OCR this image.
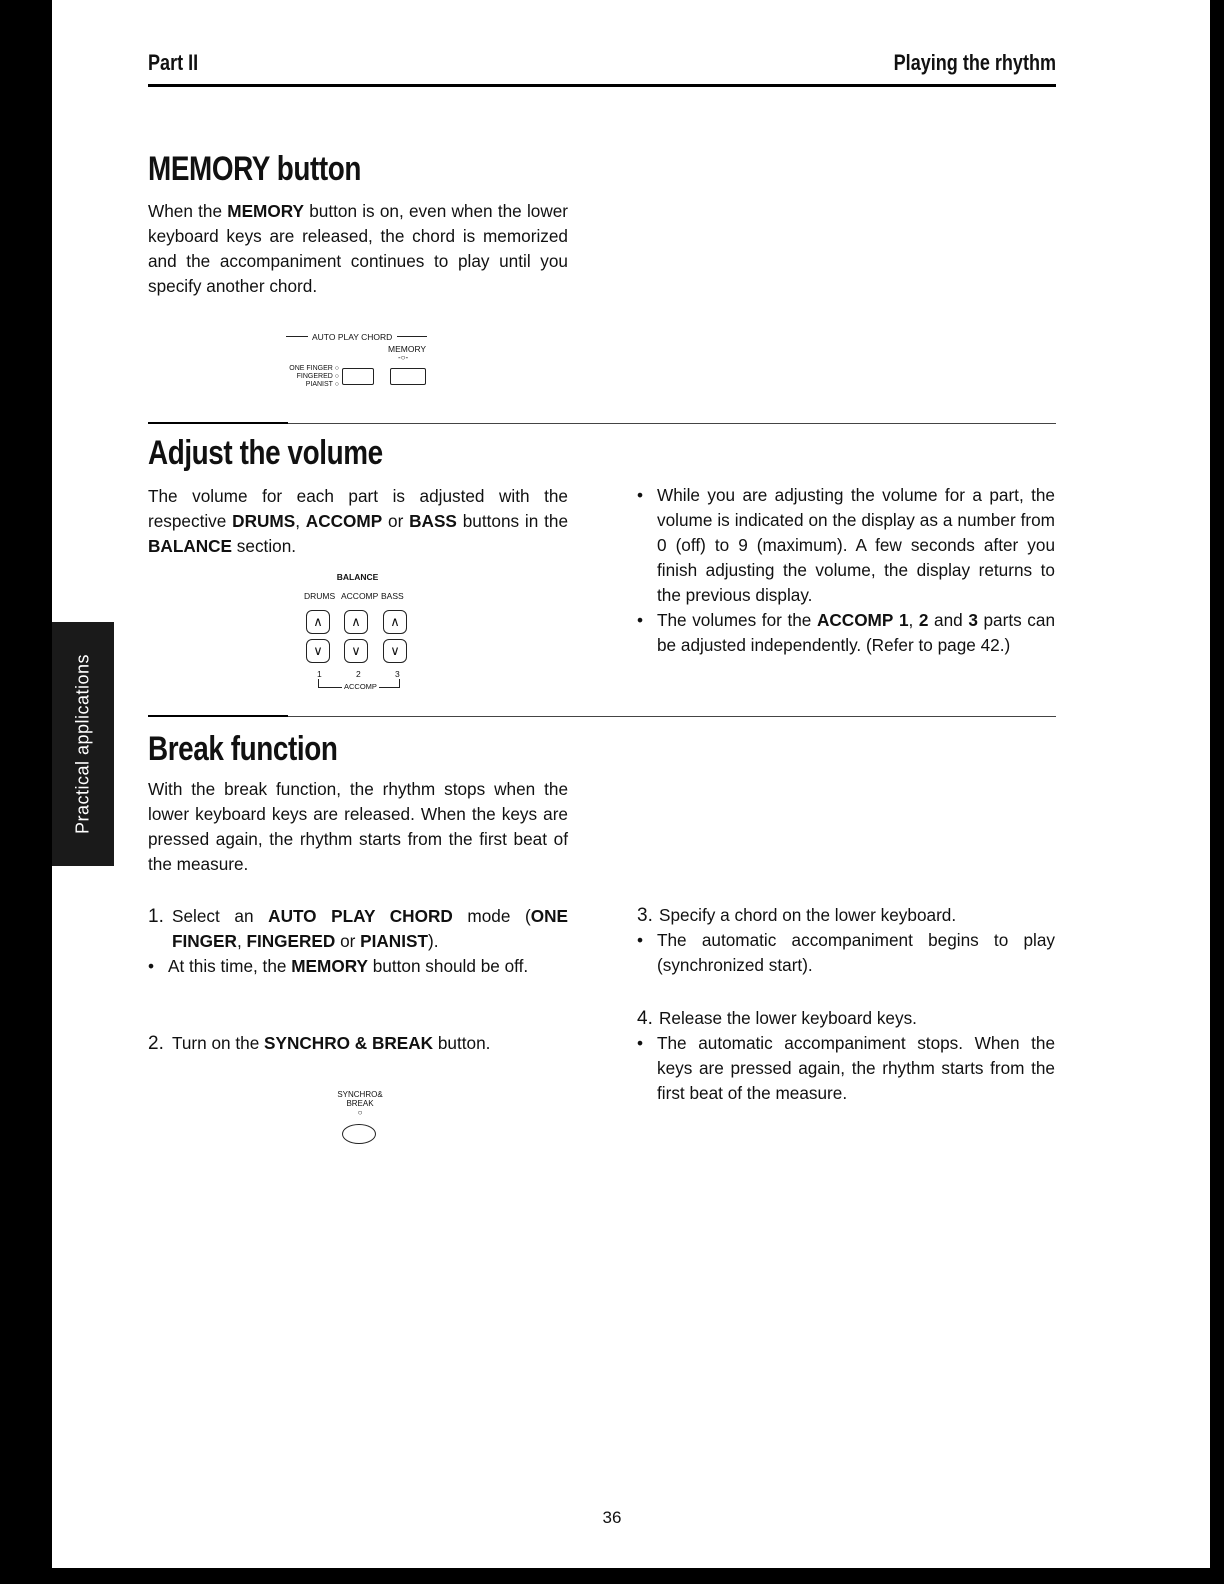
Practical applications
Part II	Playing the rhythm
MEMORY button

When the MEMORY button is on, even when the lower keyboard keys are released, the chord is memorized and the accompaniment continues to play until you specify another chord.

AUTO PLAY CHORD
MEMORY
-○-
ONE FINGER ○
FINGERED ○
PIANIST ○
Adjust the volume

The volume for each part is adjusted with the respective DRUMS, ACCOMP or BASS buttons in the BALANCE section.

BALANCE
DRUMS ACCOMP BASS
∧	∧	∧
∨	∨	∨
1	2	3
ACCOMP
• While you are adjusting the volume for a part, the volume is indicated on the display as a number from 0 (off) to 9 (maximum). A few seconds after you finish adjusting the volume, the display returns to the previous display.
• The volumes for the ACCOMP 1, 2 and 3 parts can be adjusted independently. (Refer to page 42.)
Break function

With the break function, the rhythm stops when the lower keyboard keys are released. When the keys are pressed again, the rhythm starts from the first beat of the measure.

1. Select an AUTO PLAY CHORD mode (ONE FINGER, FINGERED or PIANIST).
• At this time, the MEMORY button should be off.
2. Turn on the SYNCHRO & BREAK button.
SYNCHRO&
BREAK
○
3. Specify a chord on the lower keyboard.
• The automatic accompaniment begins to play (synchronized start).
4. Release the lower keyboard keys.
• The automatic accompaniment stops. When the keys are pressed again, the rhythm starts from the first beat of the measure.
36
